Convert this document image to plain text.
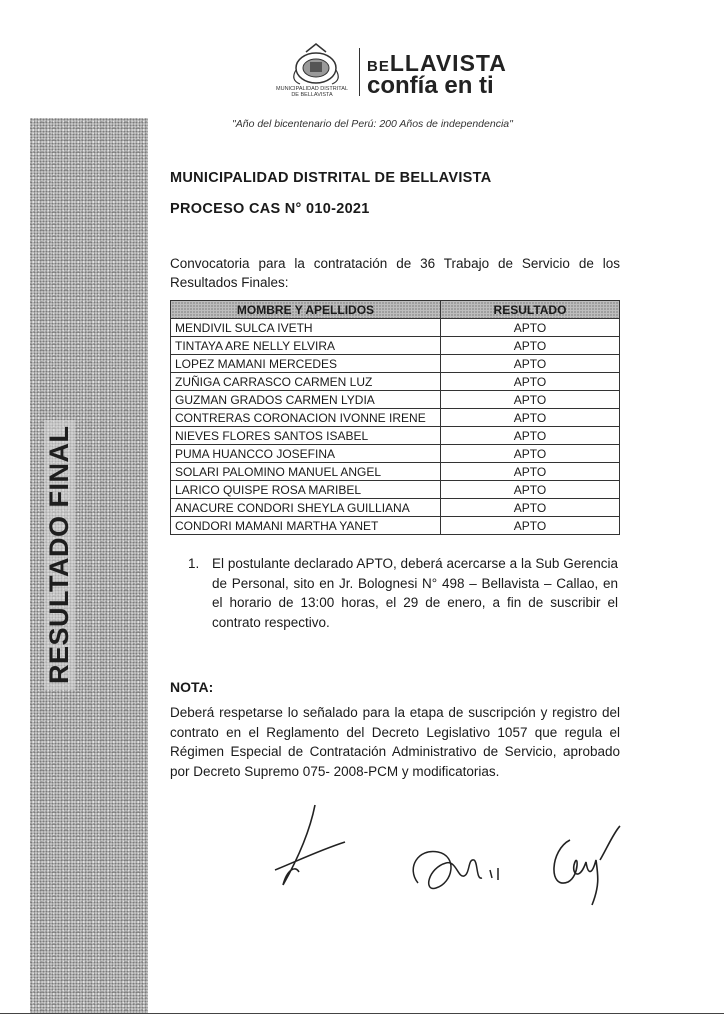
RESULTADO FINAL
MUNICIPALIDAD DISTRITAL
DE BELLAVISTA
BELLAVISTA
confía en ti
"Año del bicentenario del Perú: 200 Años de independencia"
MUNICIPALIDAD DISTRITAL DE BELLAVISTA
PROCESO CAS N° 010-2021
Convocatoria para la contratación de 36 Trabajo de Servicio de los Resultados Finales:
MOMBRE Y APELLIDOS	RESULTADO
MENDIVIL SULCA IVETH	APTO
TINTAYA ARE NELLY ELVIRA	APTO
LOPEZ MAMANI MERCEDES	APTO
ZUÑIGA CARRASCO CARMEN LUZ	APTO
GUZMAN GRADOS CARMEN LYDIA	APTO
CONTRERAS CORONACION IVONNE IRENE	APTO
NIEVES FLORES SANTOS ISABEL	APTO
PUMA HUANCCO JOSEFINA	APTO
SOLARI PALOMINO MANUEL ANGEL	APTO
LARICO QUISPE ROSA MARIBEL	APTO
ANACURE CONDORI SHEYLA GUILLIANA	APTO
CONDORI MAMANI MARTHA YANET	APTO
1. El postulante declarado APTO, deberá acercarse a la Sub Gerencia de Personal, sito en Jr. Bolognesi N° 498 – Bellavista – Callao, en el horario de 13:00 horas, el 29 de enero, a fin de suscribir el contrato respectivo.
NOTA:
Deberá respetarse lo señalado para la etapa de suscripción y registro del contrato en el Reglamento del Decreto Legislativo 1057 que regula el Régimen Especial de Contratación Administrativo de Servicio, aprobado por Decreto Supremo 075- 2008-PCM y modificatorias.
